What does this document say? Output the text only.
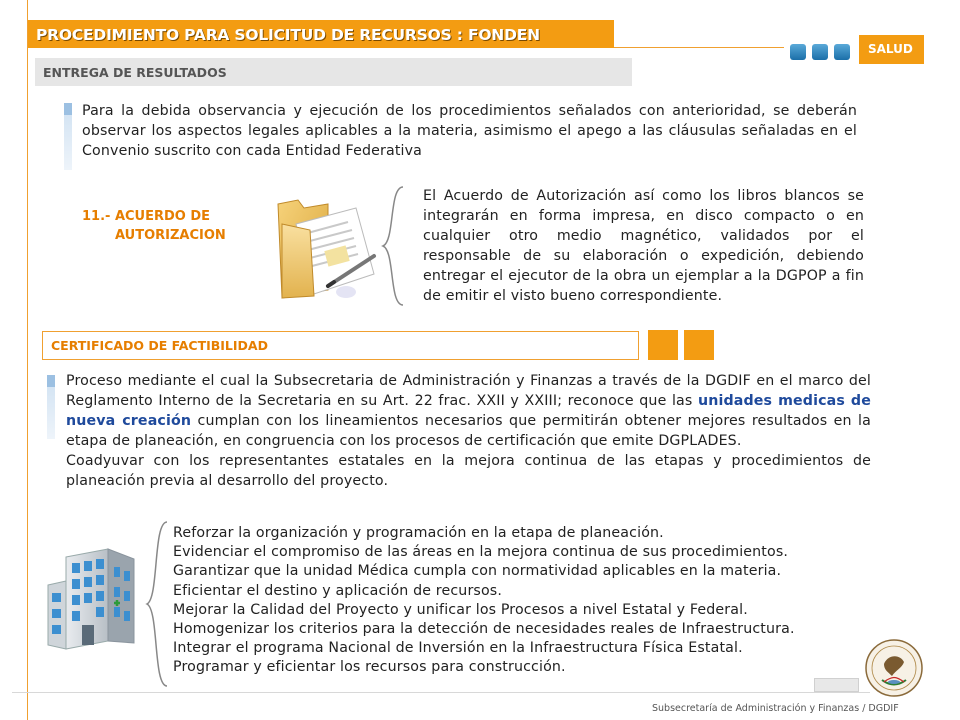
PROCEDIMIENTO PARA SOLICITUD DE RECURSOS : FONDEN
SALUD
ENTREGA DE RESULTADOS
Para la debida observancia y ejecución de los procedimientos señalados con anterioridad, se deberán observar los aspectos legales aplicables a la materia, asimismo el apego a las cláusulas señaladas en el Convenio suscrito con cada Entidad Federativa
11.- ACUERDO DE
AUTORIZACION
El Acuerdo de Autorización así como los libros blancos se integrarán en forma impresa, en disco compacto o en cualquier otro medio magnético, validados por el responsable de su elaboración o expedición, debiendo entregar el ejecutor de la obra un ejemplar a la DGPOP a fin de emitir el visto bueno correspondiente.
CERTIFICADO DE FACTIBILIDAD
Proceso mediante el cual la Subsecretaria de Administración y Finanzas a través de la DGDIF en el marco del Reglamento Interno de la Secretaria en su Art. 22 frac. XXII y XXIII; reconoce que las unidades medicas de nueva creación cumplan con los lineamientos necesarios que permitirán obtener mejores resultados en la etapa de planeación, en congruencia con los procesos de certificación que emite DGPLADES.
Coadyuvar con los representantes estatales en la mejora continua de las etapas y procedimientos de planeación previa al desarrollo del proyecto.
Reforzar la organización y programación en la etapa de planeación.
Evidenciar el compromiso de las áreas en la mejora continua de sus procedimientos.
Garantizar que la unidad Médica cumpla con normatividad aplicables en la materia.
Eficientar el destino y aplicación de recursos.
Mejorar la Calidad del Proyecto y unificar los Procesos a nivel Estatal y Federal.
Homogenizar los criterios para la detección de necesidades reales de Infraestructura.
Integrar el programa Nacional de Inversión en la Infraestructura Física Estatal.
Programar y eficientar los recursos para construcción.
Subsecretaría de Administración y Finanzas / DGDIF
